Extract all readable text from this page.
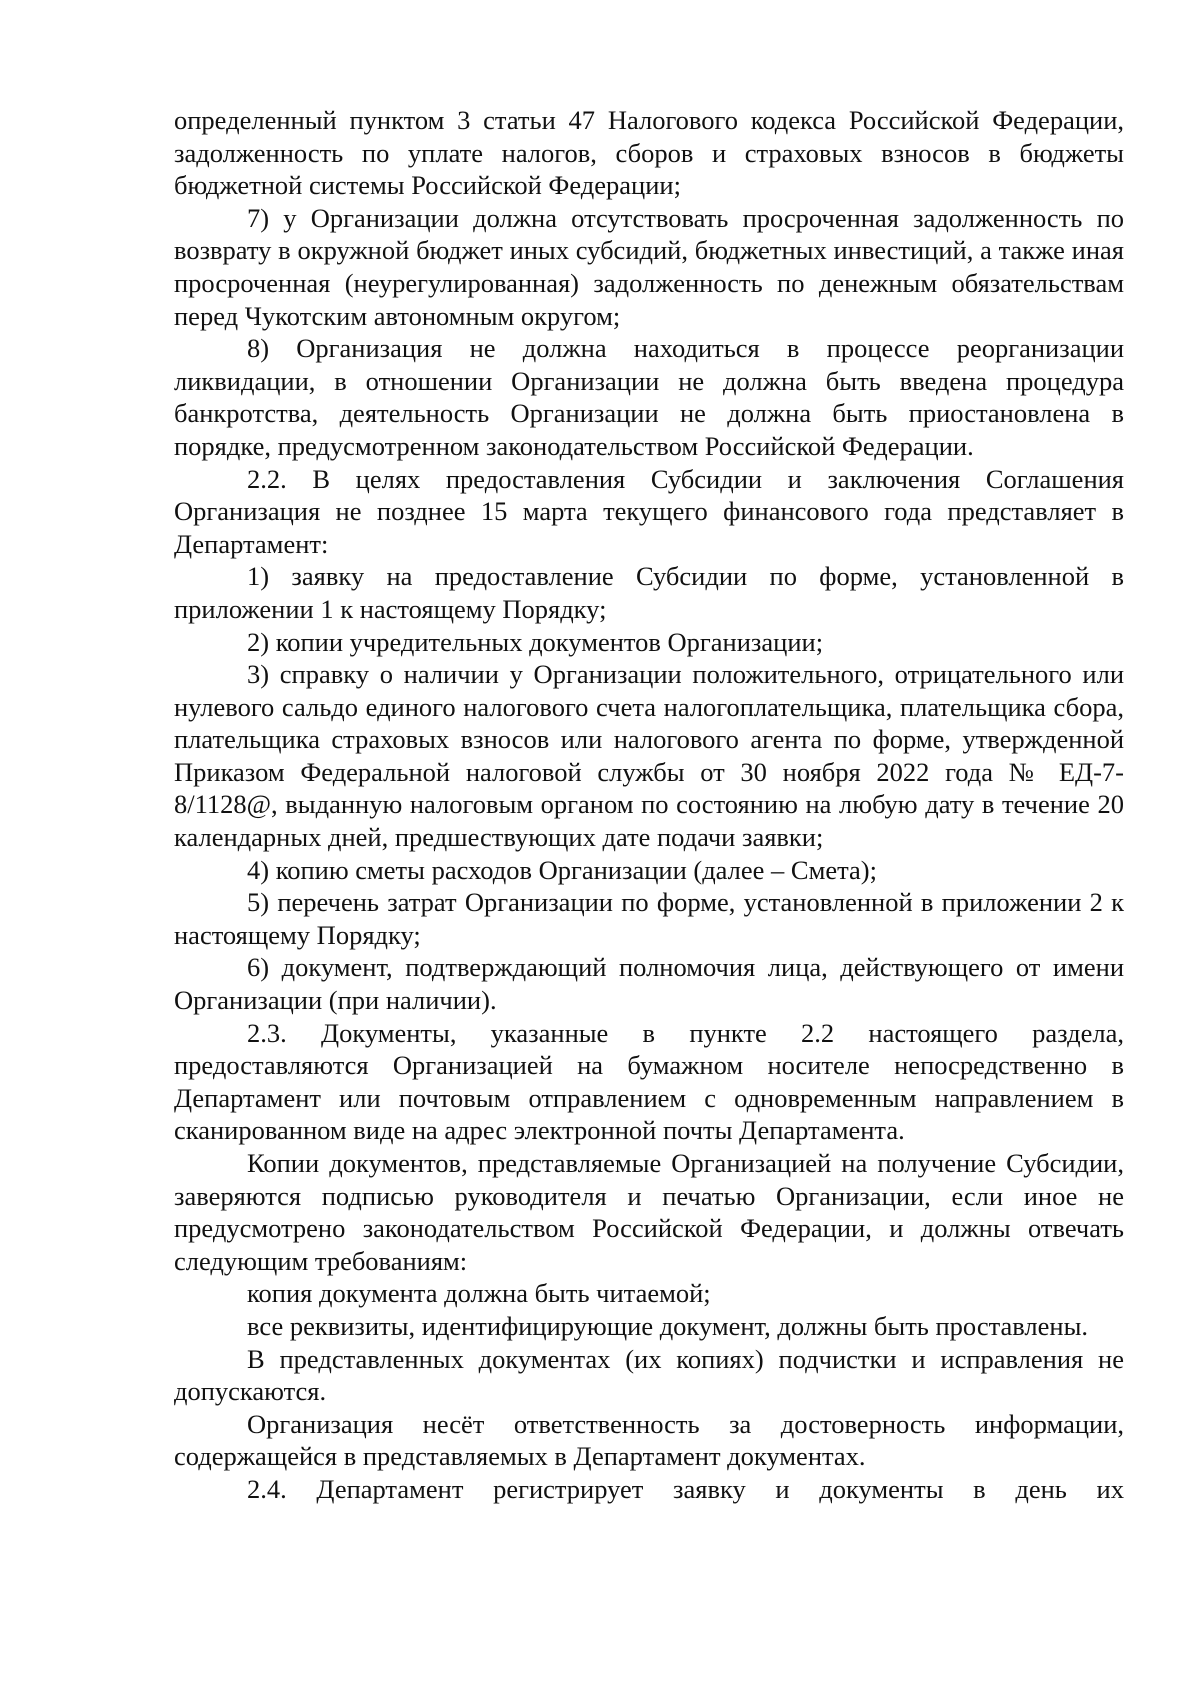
определенный пунктом 3 статьи 47 Налогового кодекса Российской Федерации, задолженность по уплате налогов, сборов и страховых взносов в бюджеты бюджетной системы Российской Федерации;

7) у Организации должна отсутствовать просроченная задолженность по возврату в окружной бюджет иных субсидий, бюджетных инвестиций, а также иная просроченная (неурегулированная) задолженность по денежным обязательствам перед Чукотским автономным округом;

8) Организация не должна находиться в процессе реорганизации ликвидации, в отношении Организации не должна быть введена процедура банкротства, деятельность Организации не должна быть приостановлена в порядке, предусмотренном законодательством Российской Федерации.

2.2. В целях предоставления Субсидии и заключения Соглашения Организация не позднее 15 марта текущего финансового года представляет в Департамент:

1) заявку на предоставление Субсидии по форме, установленной в приложении 1 к настоящему Порядку;

2) копии учредительных документов Организации;

3) справку о наличии у Организации положительного, отрицательного или нулевого сальдо единого налогового счета налогоплательщика, плательщика сбора, плательщика страховых взносов или налогового агента по форме, утвержденной Приказом Федеральной налоговой службы от 30 ноября 2022 года № ЕД-7-8/1128@, выданную налоговым органом по состоянию на любую дату в течение 20 календарных дней, предшествующих дате подачи заявки;

4) копию сметы расходов Организации (далее – Смета);

5) перечень затрат Организации по форме, установленной в приложении 2 к настоящему Порядку;

6) документ, подтверждающий полномочия лица, действующего от имени Организации (при наличии).

2.3. Документы, указанные в пункте 2.2 настоящего раздела, предоставляются Организацией на бумажном носителе непосредственно в Департамент или почтовым отправлением с одновременным направлением в сканированном виде на адрес электронной почты Департамента.

Копии документов, представляемые Организацией на получение Субсидии, заверяются подписью руководителя и печатью Организации, если иное не предусмотрено законодательством Российской Федерации, и должны отвечать следующим требованиям:

копия документа должна быть читаемой;

все реквизиты, идентифицирующие документ, должны быть проставлены.

В представленных документах (их копиях) подчистки и исправления не допускаются.

Организация несёт ответственность за достоверность информации, содержащейся в представляемых в Департамент документах.

2.4. Департамент регистрирует заявку и документы в день их
